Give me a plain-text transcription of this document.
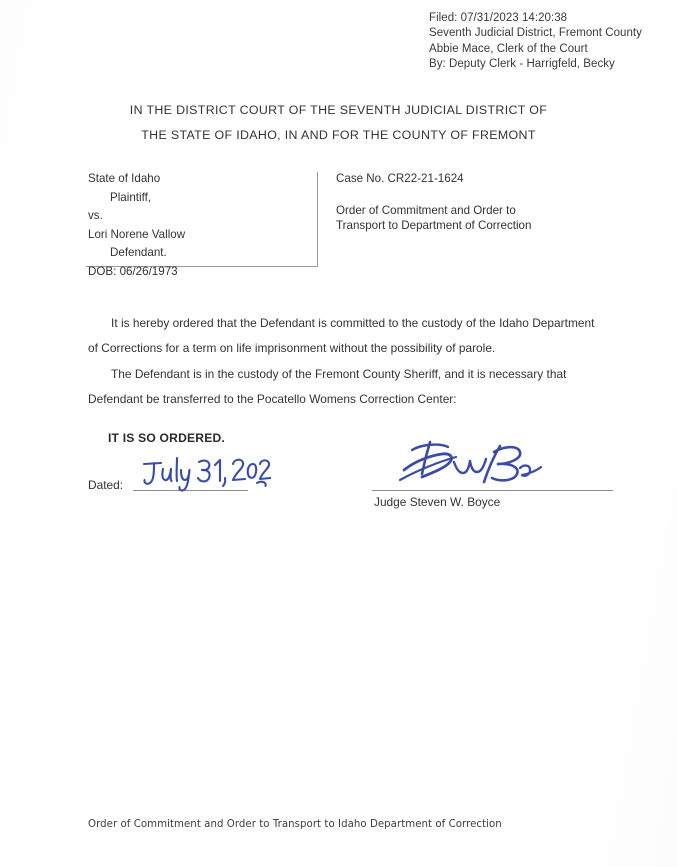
Filed: 07/31/2023 14:20:38
Seventh Judicial District, Fremont County
Abbie Mace, Clerk of the Court
By: Deputy Clerk - Harrigfeld, Becky
IN THE DISTRICT COURT OF THE SEVENTH JUDICIAL DISTRICT OF
THE STATE OF IDAHO, IN AND FOR THE COUNTY OF FREMONT
State of Idaho
Plaintiff,
vs.
Lori Norene Vallow
Defendant.
DOB: 06/26/1973
Case No. CR22-21-1624
Order of Commitment and Order to
Transport to Department of Correction

It is hereby ordered that the Defendant is committed to the custody of the Idaho Department of Corrections for a term on life imprisonment without the possibility of parole.

The Defendant is in the custody of the Fremont County Sheriff, and it is necessary that Defendant be transferred to the Pocatello Womens Correction Center:

IT IS SO ORDERED.
Dated:
Judge Steven W. Boyce
Order of Commitment and Order to Transport to Idaho Department of Correction
